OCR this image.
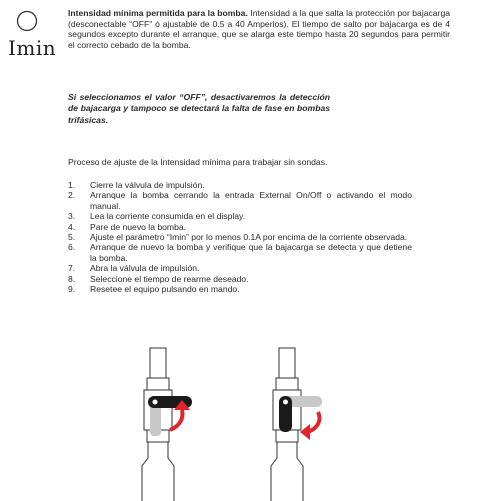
Imin
Intensidad mínima permitida para la bomba. Intensidad a la que salta la protección por bajacarga (desconectable “OFF” ó ajustable de 0.5 a 40 Amperios). El tiempo de salto por bajacarga es de 4 segundos excepto durante el arranque, que se alarga este tiempo hasta 20 segundos para permitir el correcto cebado de la bomba.
Si seleccionamos el valor “OFF”, desactivaremos la detección de bajacarga y tampoco se detectará la falta de fase en bombas trifásicas.
Proceso de ajuste de la Intensidad mínima para trabajar sin sondas.
1.	Cierre la válvula de impulsión.
2.	Arranque la bomba cerrando la entrada External On/Off o activando el modo manual.
3.	Lea la corriente consumida en el display.
4.	Pare de nuevo la bomba.
5.	Ajuste el parámetro “Imin” por lo menos 0.1A por encima de la corriente observada.
6.	Arranque de nuevo la bomba y verifique que la bajacarga se detecta y que detiene la bomba.
7.	Abra la válvula de impulsión.
8.	Seleccione el tiempo de rearme deseado.
9.	Resetee el equipo pulsando en mando.
